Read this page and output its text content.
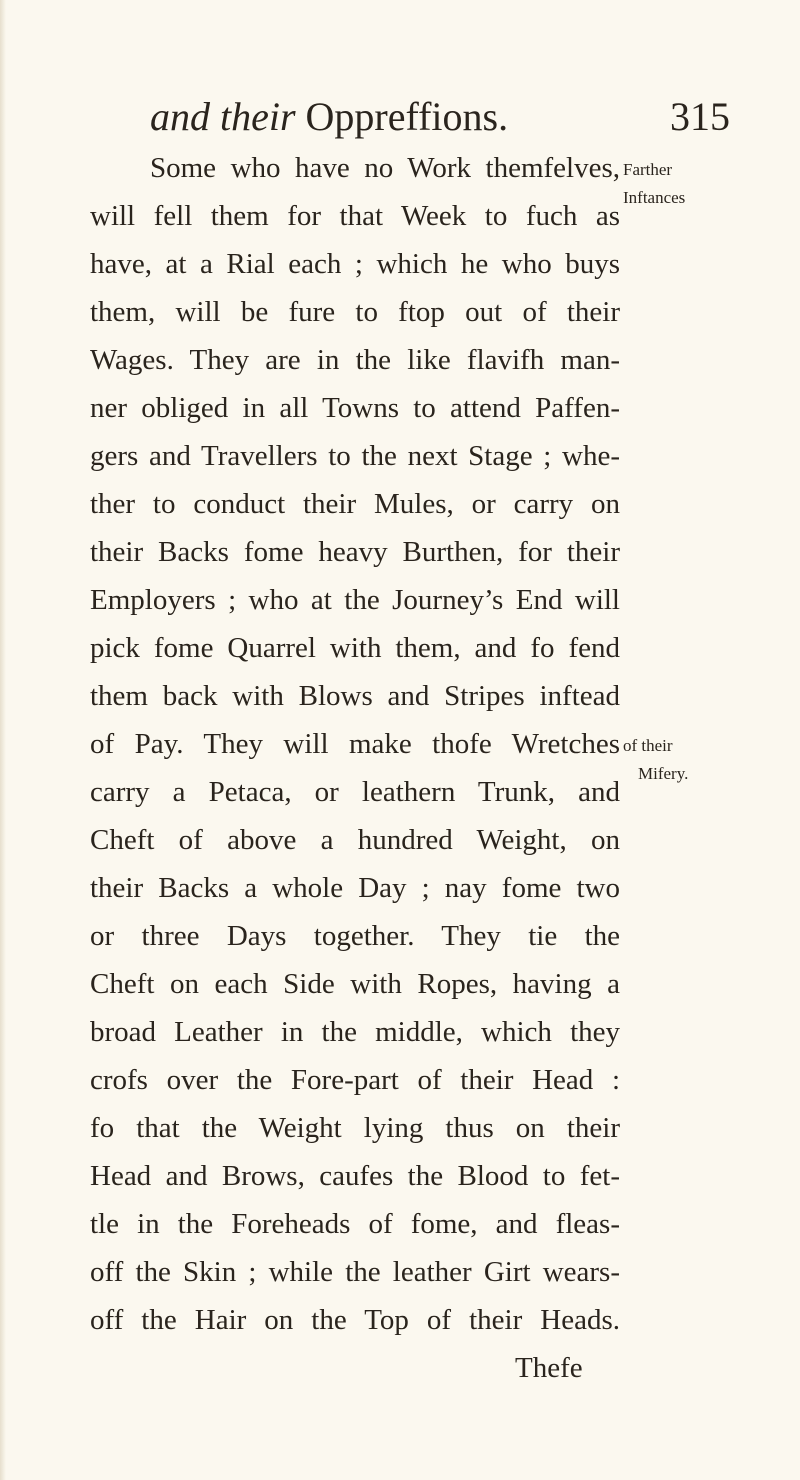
and their Oppreffions.	315
Some who have no Work themfelves,
will fell them for that Week to fuch as
have, at a Rial each ; which he who buys
them, will be fure to ftop out of their
Wages. They are in the like flavifh man-
ner obliged in all Towns to attend Paffen-
gers and Travellers to the next Stage ; whe-
ther to conduct their Mules, or carry on
their Backs fome heavy Burthen, for their
Employers ; who at the Journey’s End will
pick fome Quarrel with them, and fo fend
them back with Blows and Stripes inftead
of Pay. They will make thofe Wretches
carry a Petaca, or leathern Trunk, and
Cheft of above a hundred Weight, on
their Backs a whole Day ; nay fome two
or three Days together. They tie the
Cheft on each Side with Ropes, having a
broad Leather in the middle, which they
crofs over the Fore-part of their Head :
fo that the Weight lying thus on their
Head and Brows, caufes the Blood to fet-
tle in the Foreheads of fome, and fleas-
off the Skin ; while the leather Girt wears-
off the Hair on the Top of their Heads.
Thefe
Farther
Inftances
of their
Mifery.
